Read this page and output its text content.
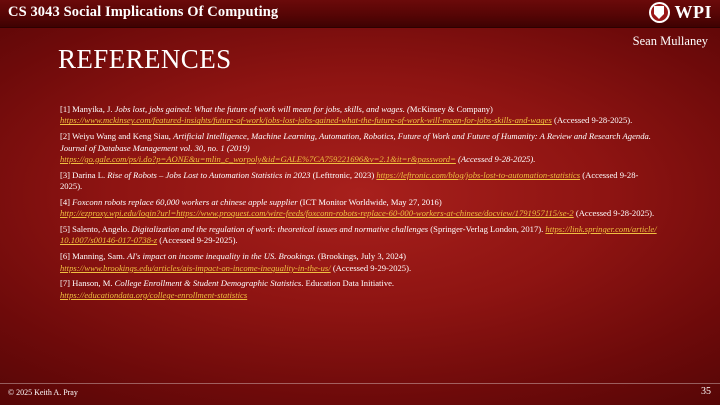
CS 3043 Social Implications Of Computing	WPI
Sean Mullaney
REFERENCES
[1] Manyika, J. Jobs lost, jobs gained: What the future of work will mean for jobs, skills, and wages. (McKinsey & Company)
https://www.mckinsey.com/featured-insights/future-of-work/jobs-lost-jobs-gained-what-the-future-of-work-will-mean-for-jobs-skills-and-wages (Accessed 9-28-2025).
[2] Weiyu Wang and Keng Siau, Artificial Intelligence, Machine Learning, Automation, Robotics, Future of Work and Future of Humanity: A Review and Research Agenda. Journal of Database Management vol. 30, no. 1 (2019)
https://go.gale.com/ps/i.do?p=AONE&u=mlin_c_worpoly&id=GALE%7CA759221696&v=2.1&it=r&password= (Accessed 9-28-2025).
[3] Darina L. Rise of Robots – Jobs Lost to Automation Statistics in 2023 (Lefttronic, 2023) https://leftronic.com/blog/jobs-lost-to-automation-statistics (Accessed 9-28-2025).
[4] Foxconn robots replace 60,000 workers at chinese apple supplier (ICT Monitor Worldwide, May 27, 2016)
http://ezproxy.wpi.edu/login?url=https://www.proquest.com/wire-feeds/foxconn-robots-replace-60-000-workers-at-chinese/docview/1791957115/se-2 (Accessed 9-28-2025).
[5] Salento, Angelo. Digitalization and the regulation of work: theoretical issues and normative challenges (Springer-Verlag London, 2017). https://link.springer.com/article/10.1007/s00146-017-0738-z (Accessed 9-29-2025).
[6] Manning, Sam. AI's impact on income inequality in the US. Brookings. (Brookings, July 3, 2024)
https://www.brookings.edu/articles/ais-impact-on-income-inequality-in-the-us/ (Accessed 9-29-2025).
[7] Hanson, M. College Enrollment & Student Demographic Statistics. Education Data Initiative.
https://educationdata.org/college-enrollment-statistics
© 2025 Keith A. Pray	35
